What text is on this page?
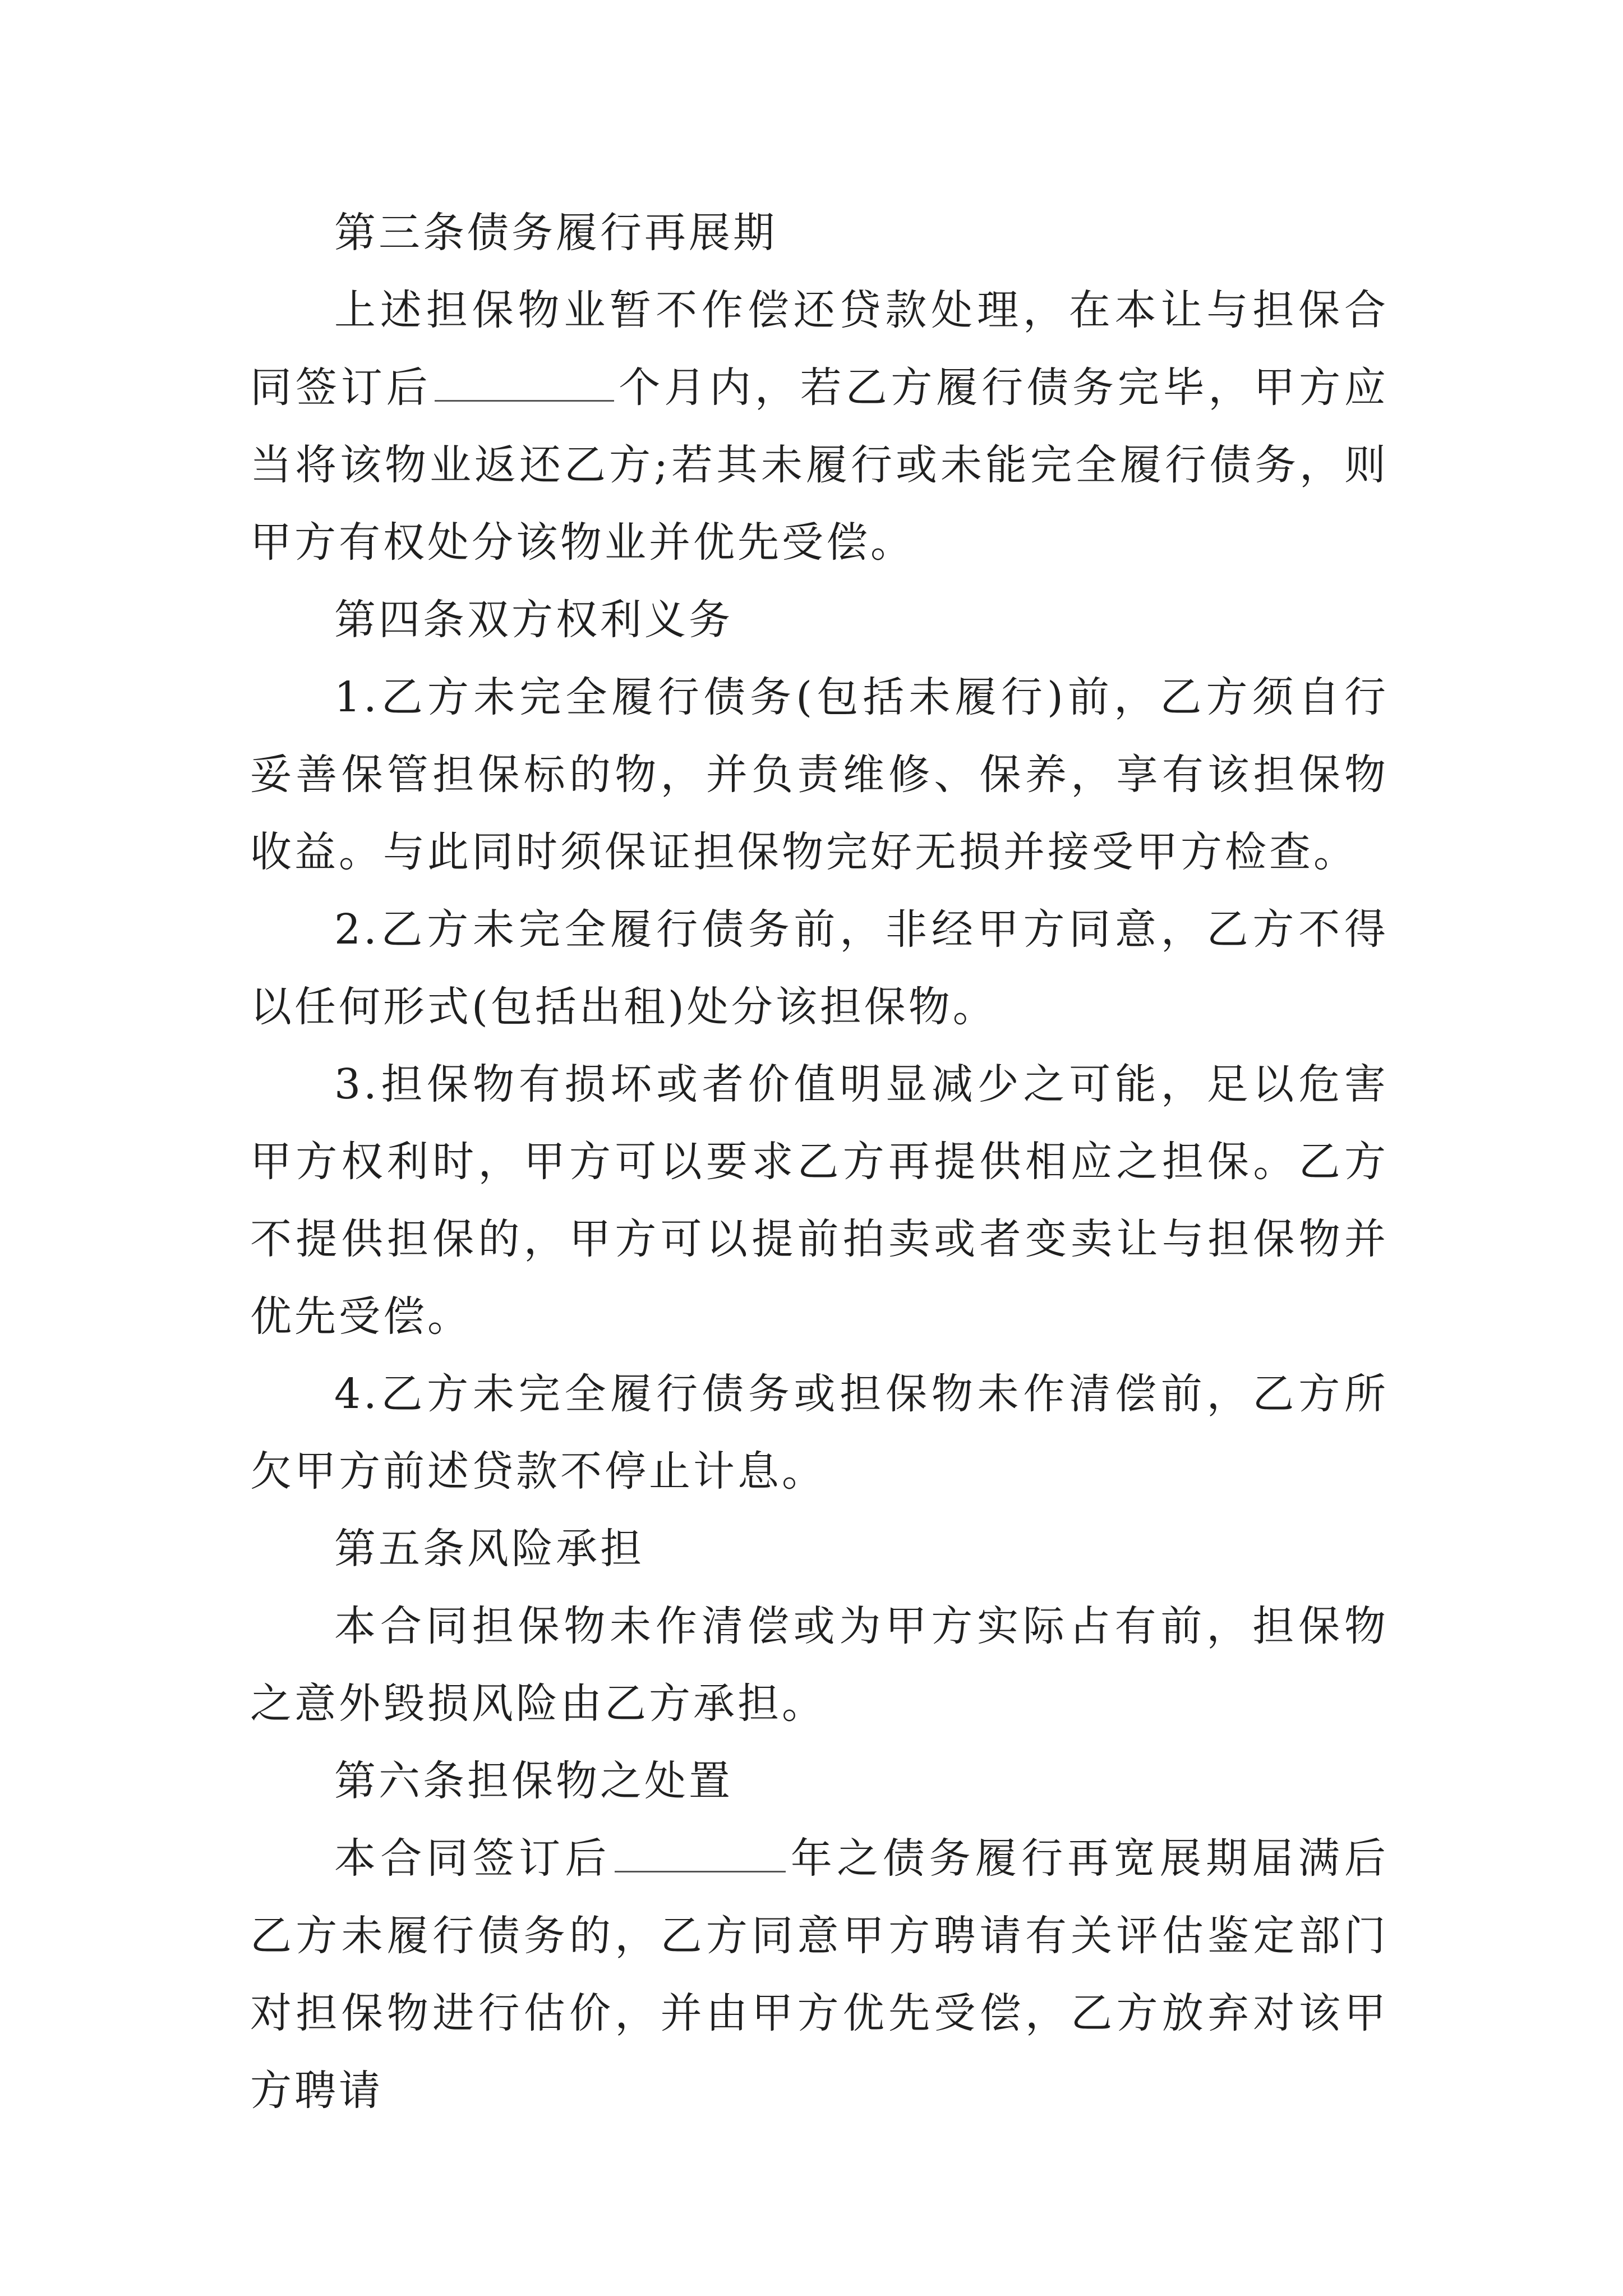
第三条债务履行再展期

上述担保物业暂不作偿还贷款处理，在本让与担保合同签订后	个月内，若乙方履行债务完毕，甲方应当将该物业返还乙方;若其未履行或未能完全履行债务，则甲方有权处分该物业并优先受偿。

第四条双方权利义务

1.乙方未完全履行债务(包括未履行)前，乙方须自行妥善保管担保标的物，并负责维修、保养，享有该担保物收益。与此同时须保证担保物完好无损并接受甲方检查。

2.乙方未完全履行债务前，非经甲方同意，乙方不得以任何形式(包括出租)处分该担保物。

3.担保物有损坏或者价值明显减少之可能，足以危害甲方权利时，甲方可以要求乙方再提供相应之担保。乙方不提供担保的，甲方可以提前拍卖或者变卖让与担保物并优先受偿。

4.乙方未完全履行债务或担保物未作清偿前，乙方所欠甲方前述贷款不停止计息。

第五条风险承担

本合同担保物未作清偿或为甲方实际占有前，担保物之意外毁损风险由乙方承担。

第六条担保物之处置

本合同签订后	年之债务履行再宽展期届满后乙方未履行债务的，乙方同意甲方聘请有关评估鉴定部门对担保物进行估价，并由甲方优先受偿，乙方放弃对该甲方聘请
